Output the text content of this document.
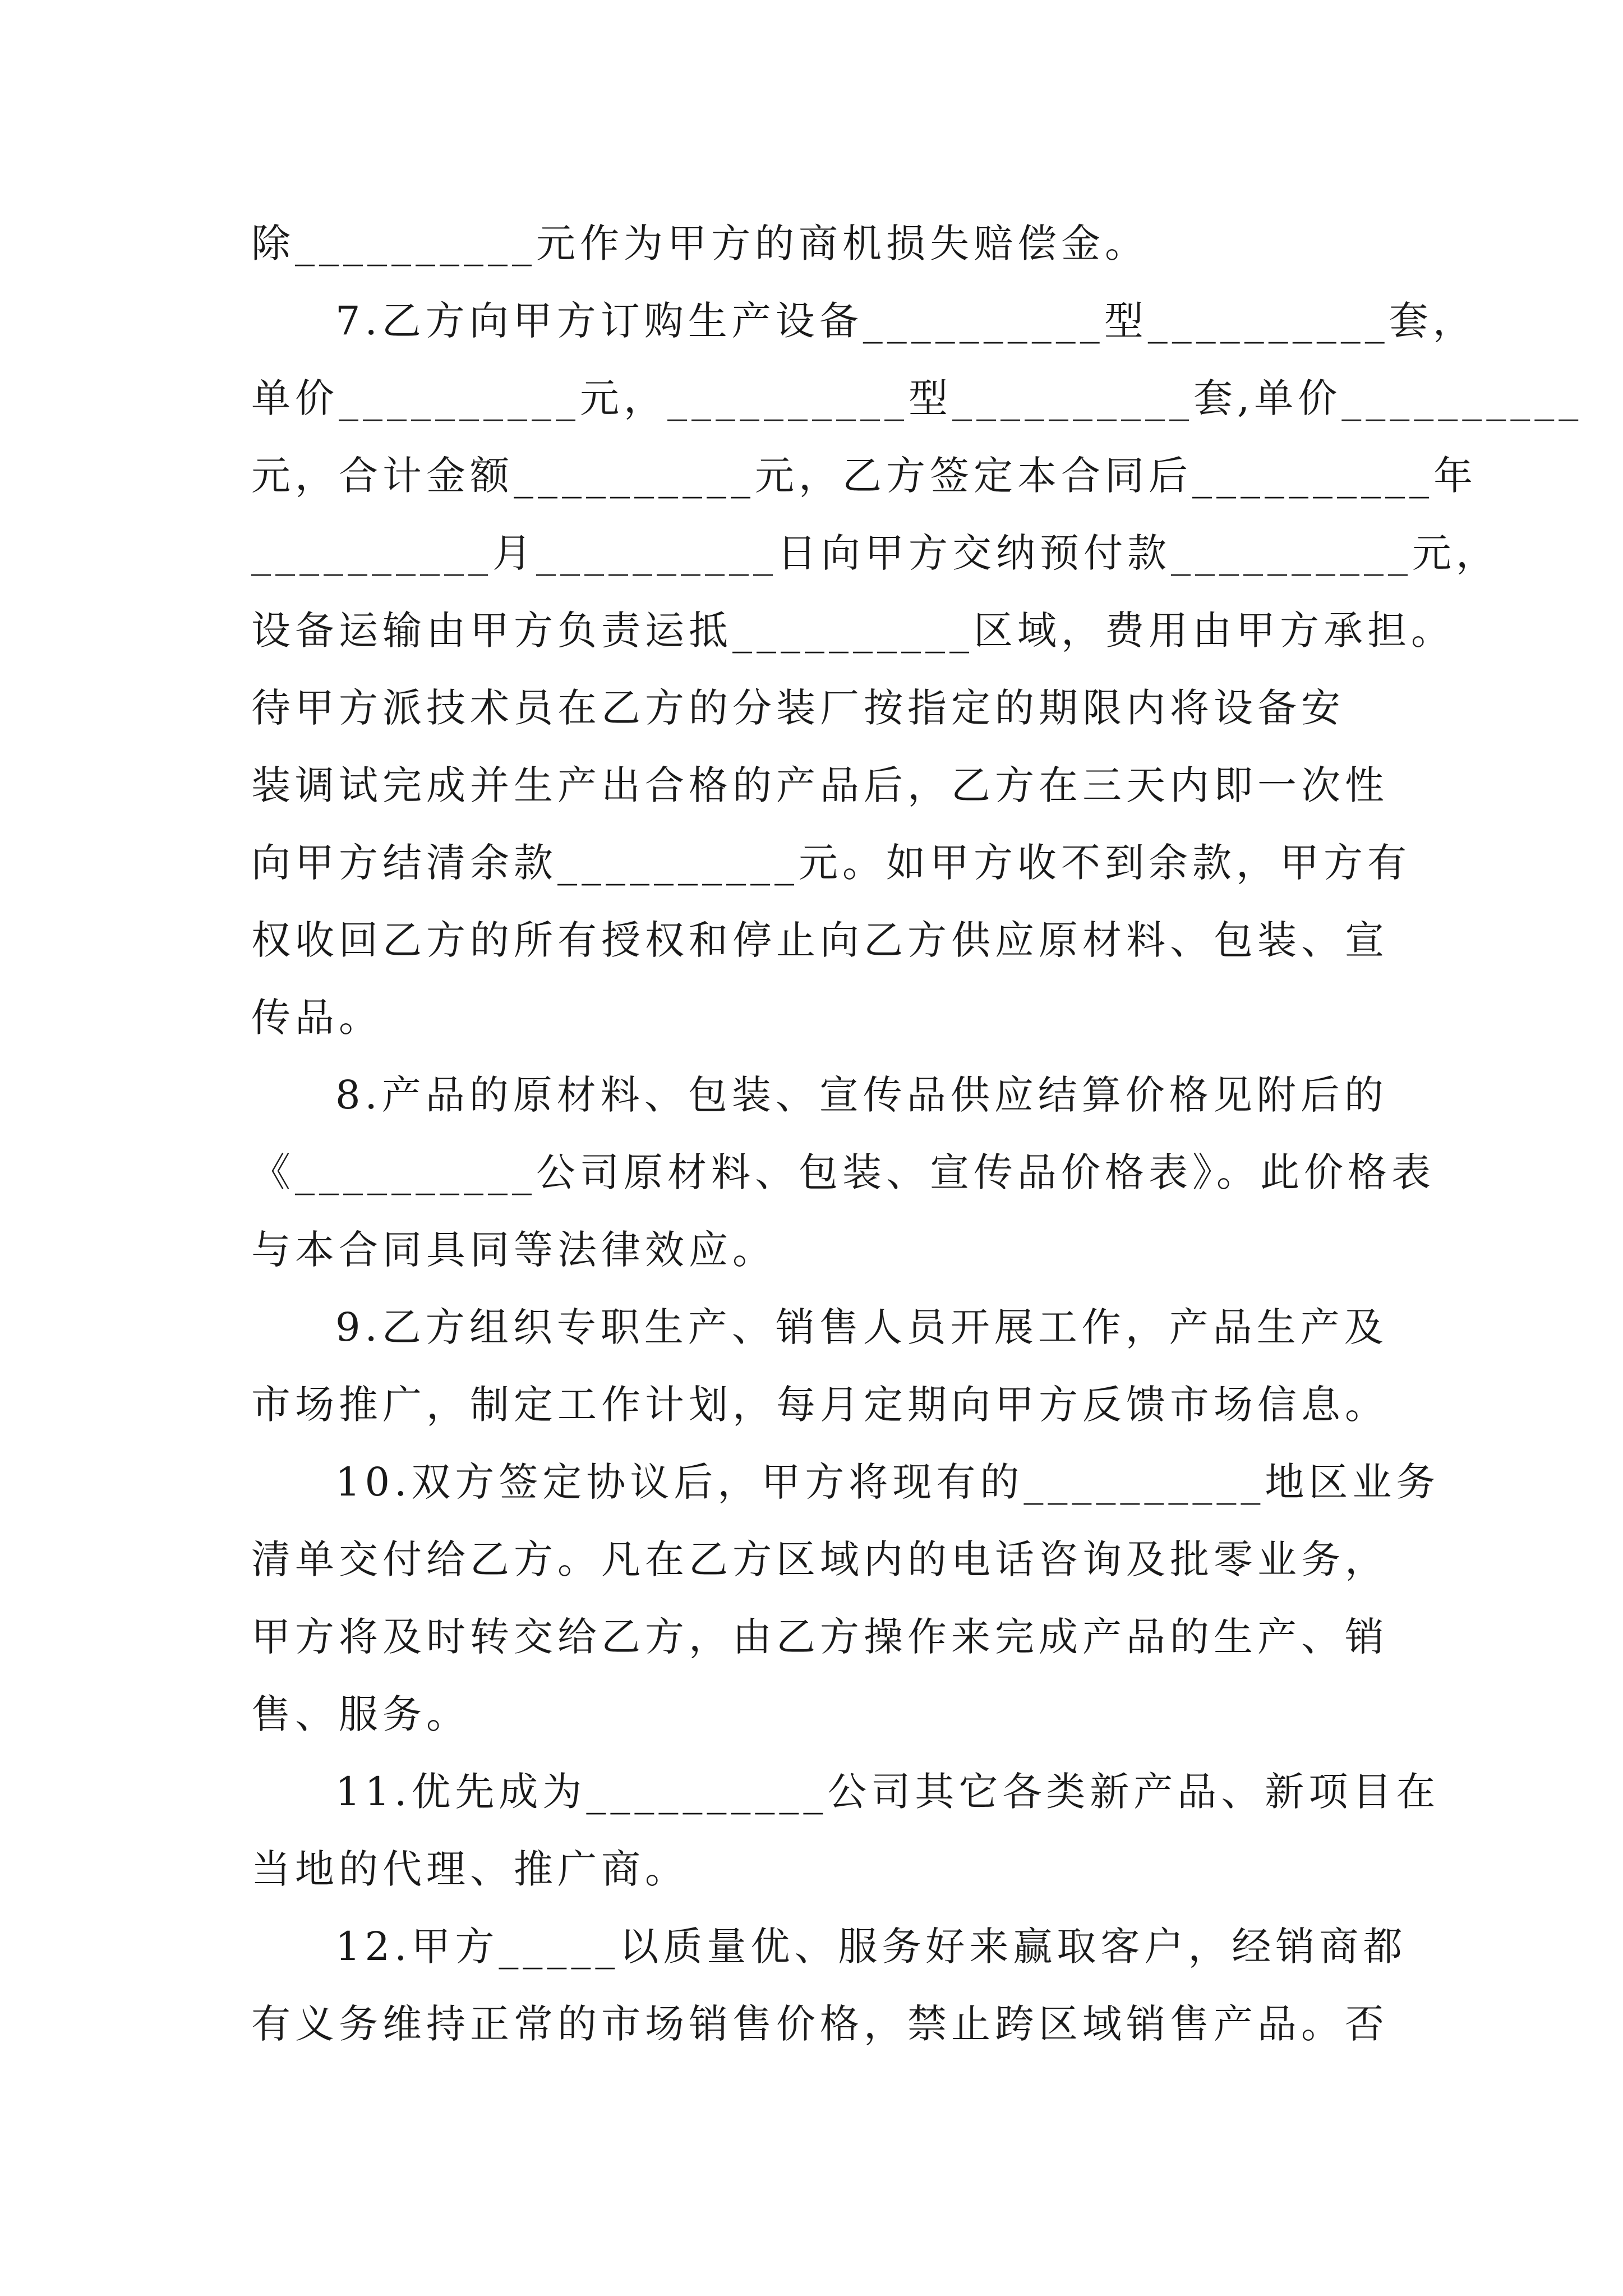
除__________元作为甲方的商机损失赔偿金。
7.乙方向甲方订购生产设备__________型__________套，
单价__________元，__________型__________套,单价__________
元，合计金额__________元，乙方签定本合同后__________年
__________月__________日向甲方交纳预付款__________元，
设备运输由甲方负责运抵__________区域，费用由甲方承担。
待甲方派技术员在乙方的分装厂按指定的期限内将设备安
装调试完成并生产出合格的产品后，乙方在三天内即一次性
向甲方结清余款__________元。如甲方收不到余款，甲方有
权收回乙方的所有授权和停止向乙方供应原材料、包装、宣
传品。
8.产品的原材料、包装、宣传品供应结算价格见附后的
《__________公司原材料、包装、宣传品价格表》。此价格表
与本合同具同等法律效应。
9.乙方组织专职生产、销售人员开展工作，产品生产及
市场推广，制定工作计划，每月定期向甲方反馈市场信息。
10.双方签定协议后，甲方将现有的__________地区业务
清单交付给乙方。凡在乙方区域内的电话咨询及批零业务，
甲方将及时转交给乙方，由乙方操作来完成产品的生产、销
售、服务。
11.优先成为__________公司其它各类新产品、新项目在
当地的代理、推广商。
12.甲方_____以质量优、服务好来赢取客户，经销商都
有义务维持正常的市场销售价格，禁止跨区域销售产品。否
